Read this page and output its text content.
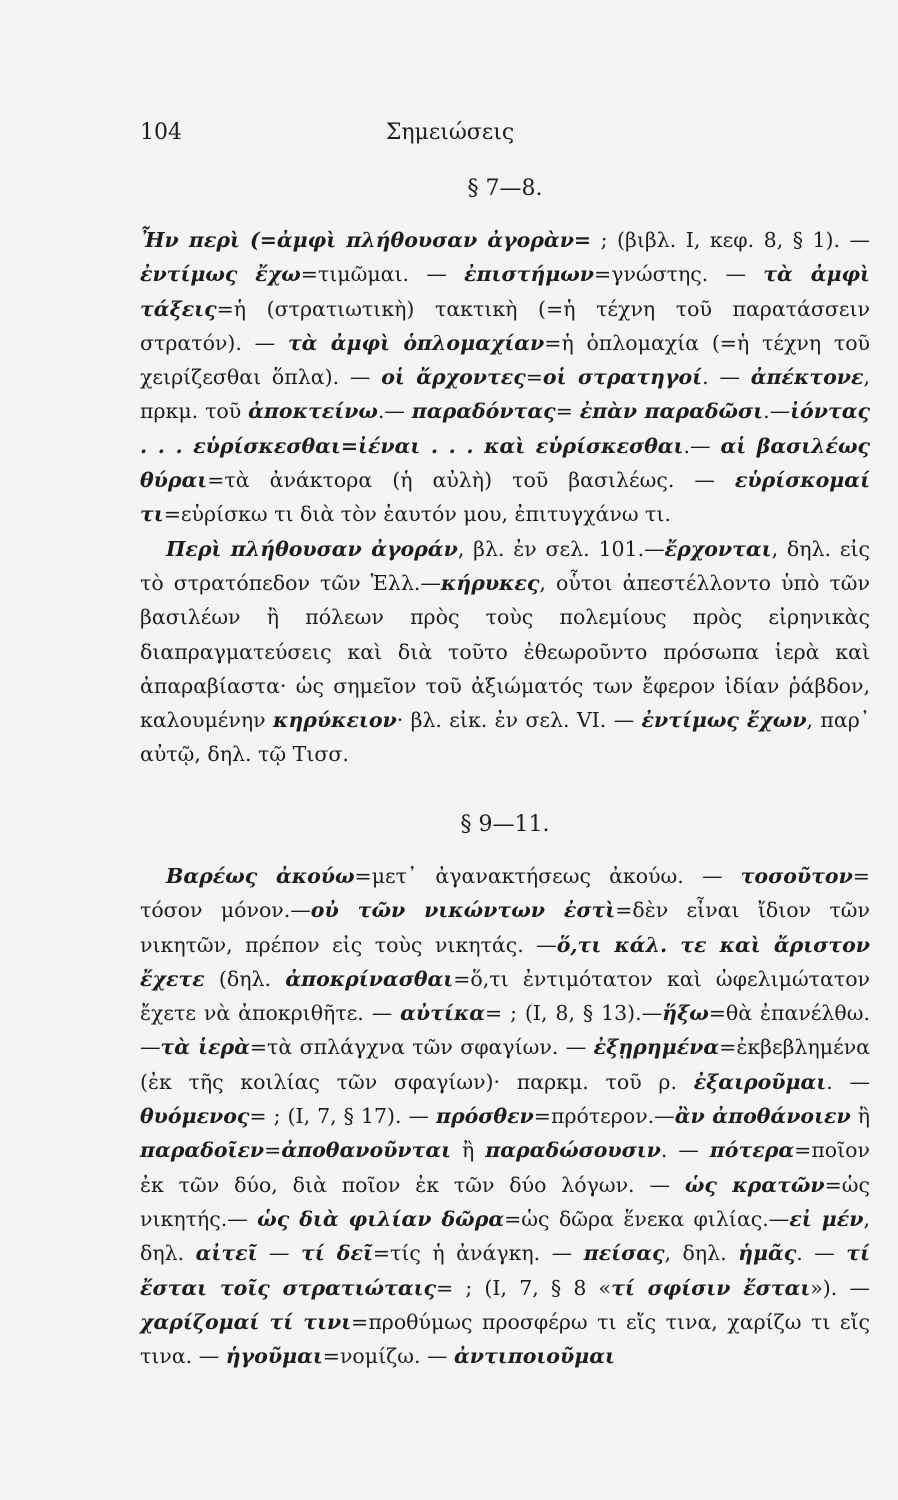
104	Σημειώσεις
§ 7—8.

Ἦν περὶ (=ἀμφὶ πλήθουσαν ἀγορὰν= ; (βιβλ. Ι, κεφ. 8, § 1). — ἐντίμως ἔχω=τιμῶμαι. — ἐπιστήμων=γνώστης. — τὰ ἀμφὶ τάξεις=ἡ (στρατιωτικὴ) τακτικὴ (=ἡ τέχνη τοῦ παρατάσσειν στρατόν). — τὰ ἀμφὶ ὁπλομαχίαν=ἡ ὁπλομαχία (=ἡ τέχνη τοῦ χειρίζεσθαι ὅπλα). — οἱ ἄρχοντες=οἱ στρατηγοί. — ἀπέκτονε, πρκμ. τοῦ ἀποκτείνω.— παραδόντας= ἐπὰν παραδῶσι.—ἰόντας . . . εὑρίσκεσθαι=ἰέναι . . . καὶ εὑρίσκεσθαι.— αἱ βασιλέως θύραι=τὰ ἀνάκτορα (ἡ αὐλὴ) τοῦ βασιλέως. — εὑρίσκομαί τι=εὑρίσκω τι διὰ τὸν ἑαυτόν μου, ἐπιτυγχάνω τι.

Περὶ πλήθουσαν ἀγοράν, βλ. ἐν σελ. 101.—ἔρχονται, δηλ. εἰς τὸ στρατόπεδον τῶν Ἑλλ.—κήρυκες, οὗτοι ἀπεστέλλοντο ὑπὸ τῶν βασιλέων ἢ πόλεων πρὸς τοὺς πολεμίους πρὸς εἰρηνικὰς διαπραγματεύσεις καὶ διὰ τοῦτο ἐθεωροῦντο πρόσωπα ἱερὰ καὶ ἀπαραβίαστα· ὡς σημεῖον τοῦ ἀξιώματός των ἔφερον ἰδίαν ῥάβδον, καλουμένην κηρύκειον· βλ. εἰκ. ἐν σελ. VI. — ἐντίμως ἔχων, παρ᾿ αὐτῷ, δηλ. τῷ Τισσ.

§ 9—11.

Βαρέως ἀκούω=μετ᾿ ἀγανακτήσεως ἀκούω. — τοσοῦτον= τόσον μόνον.—οὐ τῶν νικώντων ἐστὶ=δὲν εἶναι ἴδιον τῶν νικητῶν, πρέπον εἰς τοὺς νικητάς. —ὅ,τι κάλ. τε καὶ ἄριστον ἔχετε (δηλ. ἀποκρίνασθαι=ὅ,τι ἐντιμότατον καὶ ὠφελιμώτατον ἔχετε νὰ ἀποκριθῆτε. — αὐτίκα= ; (I, 8, § 13).—ἥξω=θὰ ἐπανέλθω. —τὰ ἱερὰ=τὰ σπλάγχνα τῶν σφαγίων. — ἐξῃρημένα=ἐκβεβλημένα (ἐκ τῆς κοιλίας τῶν σφαγίων)· παρκμ. τοῦ ρ. ἐξαιροῦμαι. —θυόμενος= ; (I, 7, § 17). — πρόσθεν=πρότερον.—ἂν ἀποθάνοιεν ἢ παραδοῖεν=ἀποθανοῦνται ἢ παραδώσουσιν. — πότερα=ποῖον ἐκ τῶν δύο, διὰ ποῖον ἐκ τῶν δύο λόγων. — ὡς κρατῶν=ὡς νικητής.— ὡς διὰ φιλίαν δῶρα=ὡς δῶρα ἕνεκα φιλίας.—εἰ μέν, δηλ. αἰτεῖ — τί δεῖ=τίς ἡ ἀνάγκη. — πείσας, δηλ. ἡμᾶς. — τί ἔσται τοῖς στρατιώταις= ; (I, 7, § 8 «τί σφίσιν ἔσται»). — χαρίζομαί τί τινι=προθύμως προσφέρω τι εἴς τινα, χαρίζω τι εἴς τινα. — ἡγοῦμαι=νομίζω. — ἀντιποιοῦμαι
